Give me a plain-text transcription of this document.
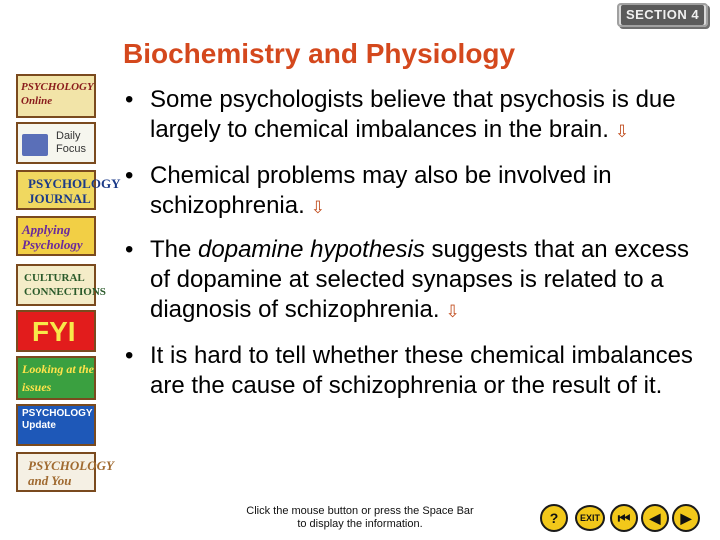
SECTION 4
Biochemistry and Physiology
PSYCHOLOGY Online
Daily Focus
PSYCHOLOGY JOURNAL
Applying Psychology
CULTURAL CONNECTIONS
FYI
Looking at the issues
PSYCHOLOGY Update
PSYCHOLOGY and You
• Some psychologists believe that psychosis is due largely to chemical imbalances in the brain. ⇩
• Chemical problems may also be involved in schizophrenia. ⇩
• The dopamine hypothesis suggests that an excess of dopamine at selected synapses is related to a diagnosis of schizophrenia. ⇩
• It is hard to tell whether these chemical imbalances are the cause of schizophrenia or the result of it.

Click the mouse button or press the Space Bar
to display the information.	?	EXIT	⏮	◀	▶
